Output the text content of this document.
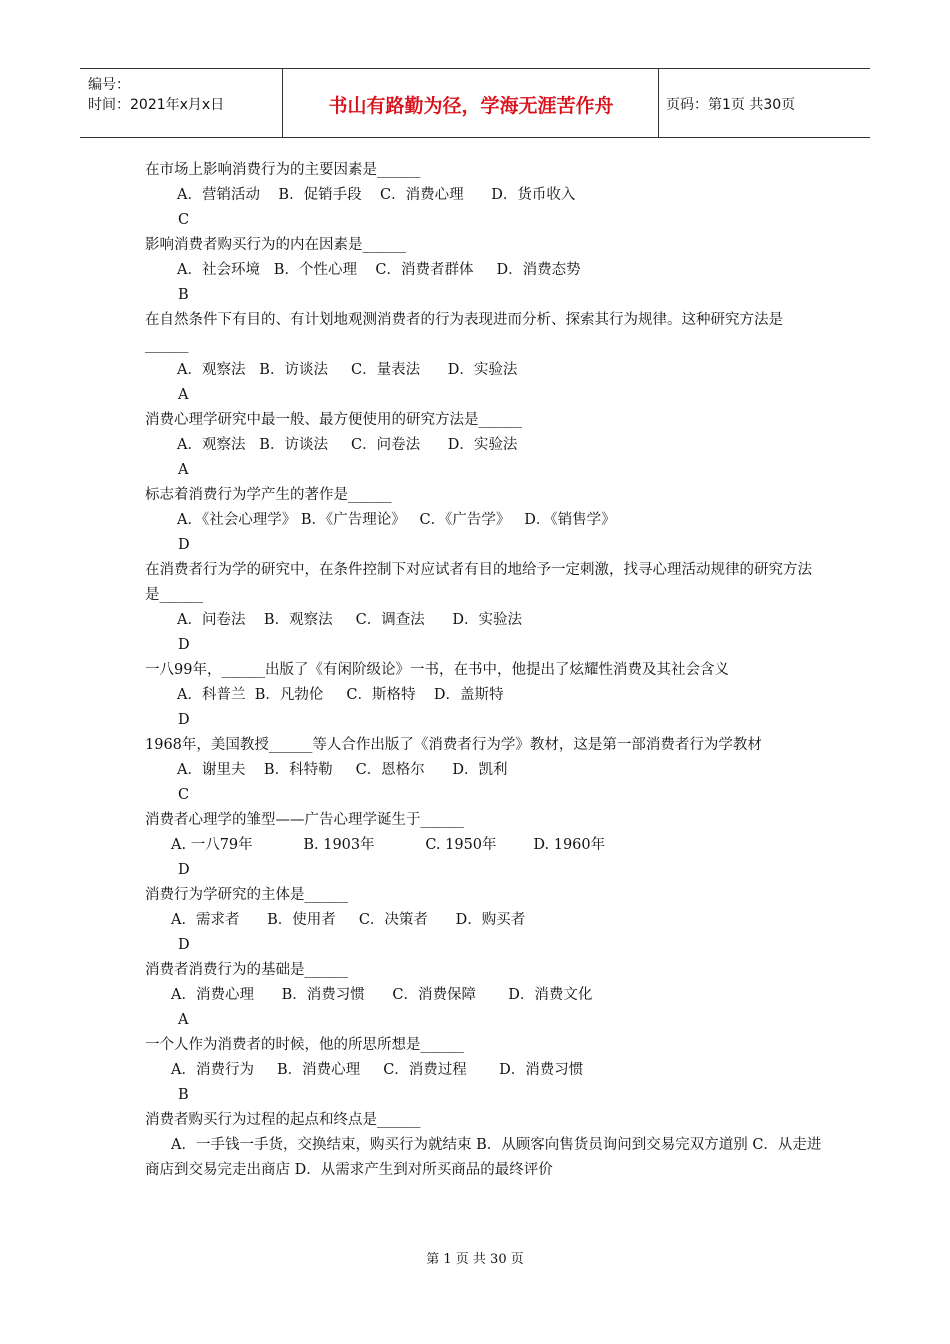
编号：
时间：2021年x月x日	书山有路勤为径，学海无涯苦作舟	页码：第1页 共30页
在市场上影响消费行为的主要因素是______
A．营销活动    B．促销手段    C．消费心理      D．货币收入
C
影响消费者购买行为的内在因素是______
A．社会环境   B．个性心理    C．消费者群体     D．消费态势
B
在自然条件下有目的、有计划地观测消费者的行为表现进而分析、探索其行为规律。这种研究方法是______
A．观察法   B．访谈法     C．量表法      D．实验法
A
消费心理学研究中最一般、最方便使用的研究方法是______
A．观察法   B．访谈法     C．问卷法      D．实验法
A
标志着消费行为学产生的著作是______
A．《社会心理学》 B．《广告理论》   C．《广告学》   D．《销售学》
D
在消费者行为学的研究中，在条件控制下对应试者有目的地给予一定刺激，找寻心理活动规律的研究方法是______
A．问卷法    B．观察法     C．调查法      D．实验法
D
一八99年，______出版了《有闲阶级论》一书，在书中，他提出了炫耀性消费及其社会含义
A．科普兰  B．凡勃伦     C．斯格特    D．盖斯特
D
1968年，美国教授______等人合作出版了《消费者行为学》教材，这是第一部消费者行为学教材
A．谢里夫    B．科特勒     C．恩格尔      D．凯利
C
消费者心理学的雏型——广告心理学诞生于______
A. 一八79年           B. 1903年           C. 1950年        D. 1960年
D
消费行为学研究的主体是______
A．需求者      B．使用者     C．决策者      D．购买者
D
消费者消费行为的基础是______
A．消费心理      B．消费习惯      C．消费保障       D．消费文化
A
一个人作为消费者的时候，他的所思所想是______
A．消费行为     B．消费心理     C．消费过程       D．消费习惯
B
消费者购买行为过程的起点和终点是______
A．一手钱一手货，交换结束，购买行为就结束 B．从顾客向售货员询问到交易完双方道别 C．从走进商店到交易完走出商店 D．从需求产生到对所买商品的最终评价
第 1 页 共 30 页
